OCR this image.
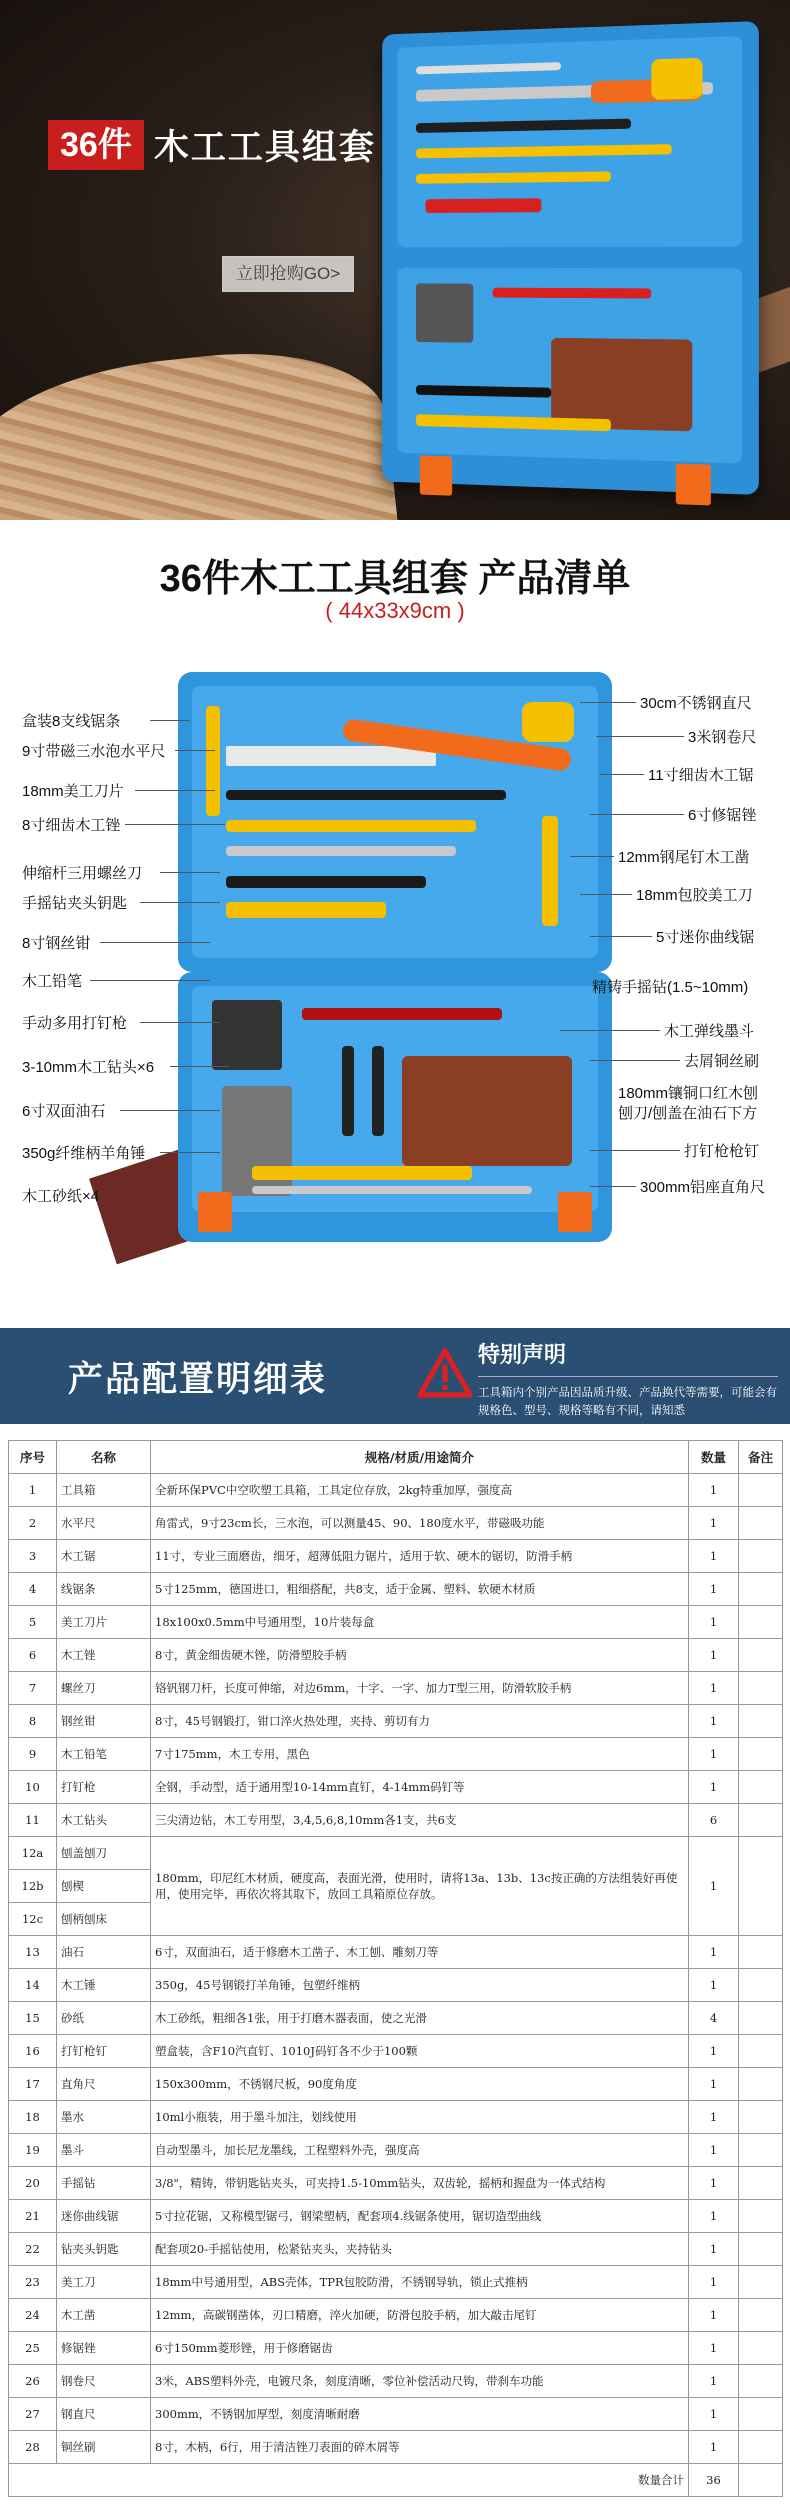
36件 木工工具组套
立即抢购GO>
36件木工工具组套 产品清单
( 44x33x9cm )
盒装8支线锯条
9寸带磁三水泡水平尺
18mm美工刀片
8寸细齿木工锉
伸缩杆三用螺丝刀
手摇钻夹头钥匙
8寸钢丝钳
木工铅笔
手动多用打钉枪
3-10mm木工钻头×6
6寸双面油石
350g纤维柄羊角锤
木工砂纸×4
30cm不锈钢直尺
3米钢卷尺
11寸细齿木工锯
6寸修锯锉
12mm钢尾钉木工凿
18mm包胶美工刀
5寸迷你曲线锯
精铸手摇钻(1.5~10mm)
木工弹线墨斗
去屑铜丝刷
180mm镶铜口红木刨
刨刀/刨盖在油石下方
打钉枪枪钉
300mm铝座直角尺
产品配置明细表
特别声明
工具箱内个别产品因品质升级、产品换代等需要，可能会有规格色、型号、规格等略有不同，请知悉
序号	名称	规格/材质/用途简介	数量	备注
1	工具箱	全新环保PVC中空吹塑工具箱，工具定位存放，2kg特重加厚，强度高	1	
2	水平尺	角雷式，9寸23cm长，三水泡，可以测量45、90、180度水平，带磁吸功能	1	
3	木工锯	11寸，专业三面磨齿，细牙，超薄低阻力锯片，适用于软、硬木的锯切，防滑手柄	1	
4	线锯条	5寸125mm，德国进口，粗细搭配，共8支，适于金属、塑料、软硬木材质	1	
5	美工刀片	18x100x0.5mm中号通用型，10片装每盒	1	
6	木工锉	8寸，黄金细齿硬木锉，防滑塑胶手柄	1	
7	螺丝刀	铬钒钢刀杆，长度可伸缩，对边6mm，十字、一字、加力T型三用，防滑软胶手柄	1	
8	钢丝钳	8寸，45号钢锻打，钳口淬火热处理，夹持、剪切有力	1	
9	木工铅笔	7寸175mm，木工专用，黑色	1	
10	打钉枪	全钢，手动型，适于通用型10-14mm直钉，4-14mm码钉等	1	
11	木工钻头	三尖清边钻，木工专用型，3,4,5,6,8,10mm各1支，共6支	6	
12a	刨盖刨刀	180mm，印尼红木材质，硬度高，表面光滑，使用时，请将13a、13b、13c按正确的方法组装好再使用，使用完毕，再依次将其取下，放回工具箱原位存放。	1	
12b	刨楔			
12c	刨柄刨床			
13	油石	6寸，双面油石，适于修磨木工凿子、木工刨、雕刻刀等	1	
14	木工锤	350g，45号钢锻打羊角锤，包塑纤维柄	1	
15	砂纸	木工砂纸，粗细各1张，用于打磨木器表面，使之光滑	4	
16	打钉枪钉	塑盒装，含F10汽直钉、1010J码钉各不少于100颗	1	
17	直角尺	150x300mm，不锈钢尺板，90度角度	1	
18	墨水	10ml小瓶装，用于墨斗加注，划线使用	1	
19	墨斗	自动型墨斗，加长尼龙墨线，工程塑料外壳，强度高	1	
20	手摇钻	3/8"，精铸，带钥匙钻夹头，可夹持1.5-10mm钻头，双齿轮，摇柄和握盘为一体式结构	1	
21	迷你曲线锯	5寸拉花锯，又称模型锯弓，钢梁塑柄，配套项4.线锯条使用，锯切造型曲线	1	
22	钻夹头钥匙	配套项20-手摇钻使用，松紧钻夹头，夹持钻头	1	
23	美工刀	18mm中号通用型，ABS壳体，TPR包胶防滑，不锈钢导轨，锁止式推柄	1	
24	木工凿	12mm，高碳钢凿体，刃口精磨，淬火加硬，防滑包胶手柄，加大敲击尾钉	1	
25	修锯锉	6寸150mm菱形锉，用于修磨锯齿	1	
26	钢卷尺	3米，ABS塑料外壳，电镀尺条，刻度清晰，零位补偿活动尺钩，带刹车功能	1	
27	钢直尺	300mm，不锈钢加厚型，刻度清晰耐磨	1	
28	铜丝刷	8寸，木柄，6行，用于清洁锉刀表面的碎木屑等	1	
数量合计			36	
